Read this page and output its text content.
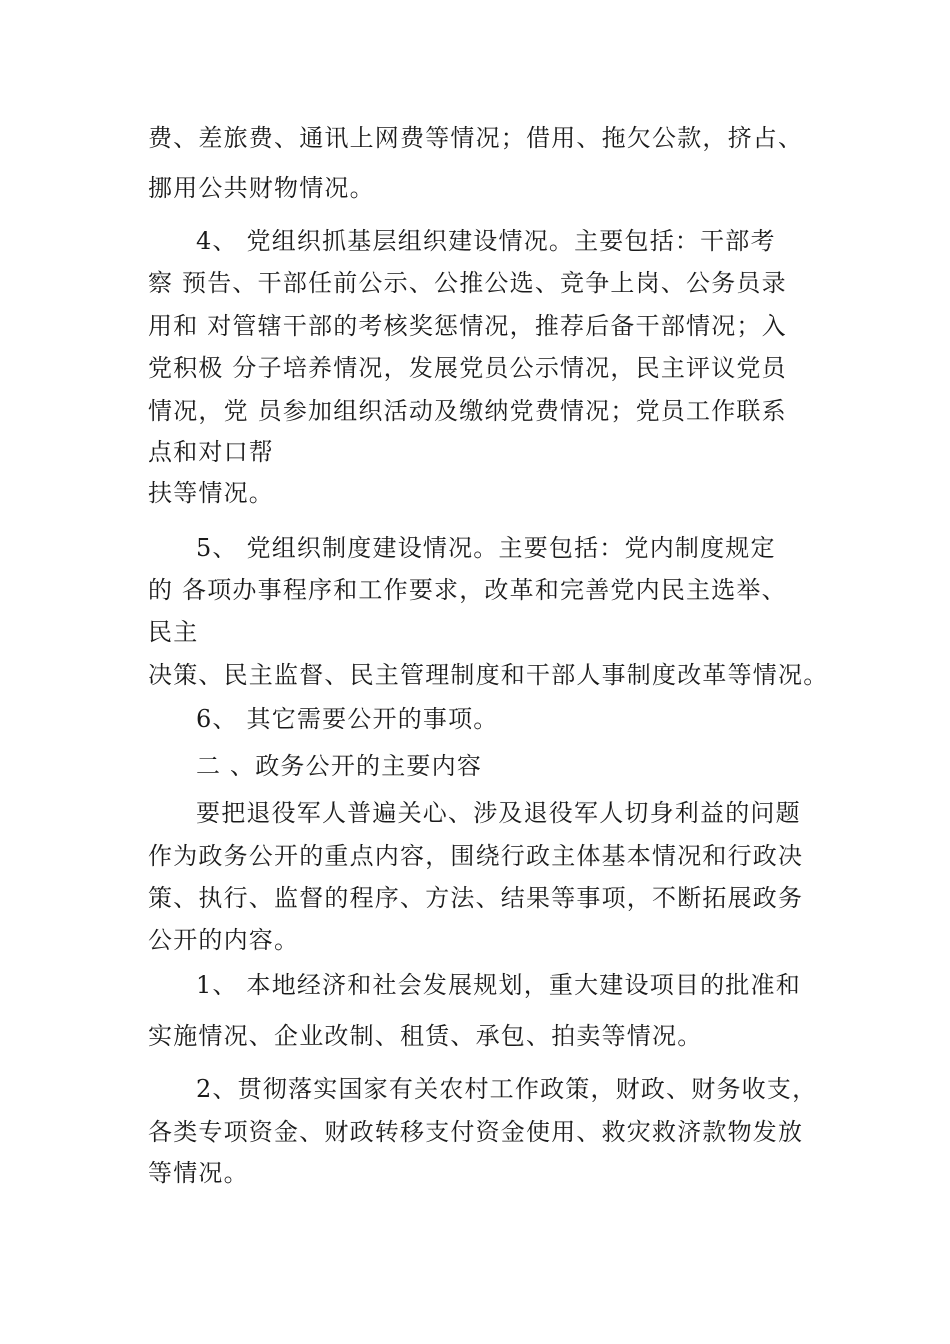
费、差旅费、通讯上网费等情况；借用、拖欠公款，挤占、

挪用公共财物情况。

4、 党组织抓基层组织建设情况。主要包括：干部考

察 预告、干部任前公示、公推公选、竞争上岗、公务员录

用和 对管辖干部的考核奖惩情况，推荐后备干部情况；入

党积极 分子培养情况，发展党员公示情况，民主评议党员

情况，党 员参加组织活动及缴纳党费情况；党员工作联系

点和对口帮

扶等情况。

5、 党组织制度建设情况。主要包括：党内制度规定

的 各项办事程序和工作要求，改革和完善党内民主选举、

民主

决策、民主监督、民主管理制度和干部人事制度改革等情况。

6、 其它需要公开的事项。

二 、政务公开的主要内容

要把退役军人普遍关心、涉及退役军人切身利益的问题

作为政务公开的重点内容，围绕行政主体基本情况和行政决

策、执行、监督的程序、方法、结果等事项，不断拓展政务

公开的内容。

1、 本地经济和社会发展规划，重大建设项目的批准和

实施情况、企业改制、租赁、承包、拍卖等情况。

2、贯彻落实国家有关农村工作政策，财政、财务收支，

各类专项资金、财政转移支付资金使用、救灾救济款物发放

等情况。
